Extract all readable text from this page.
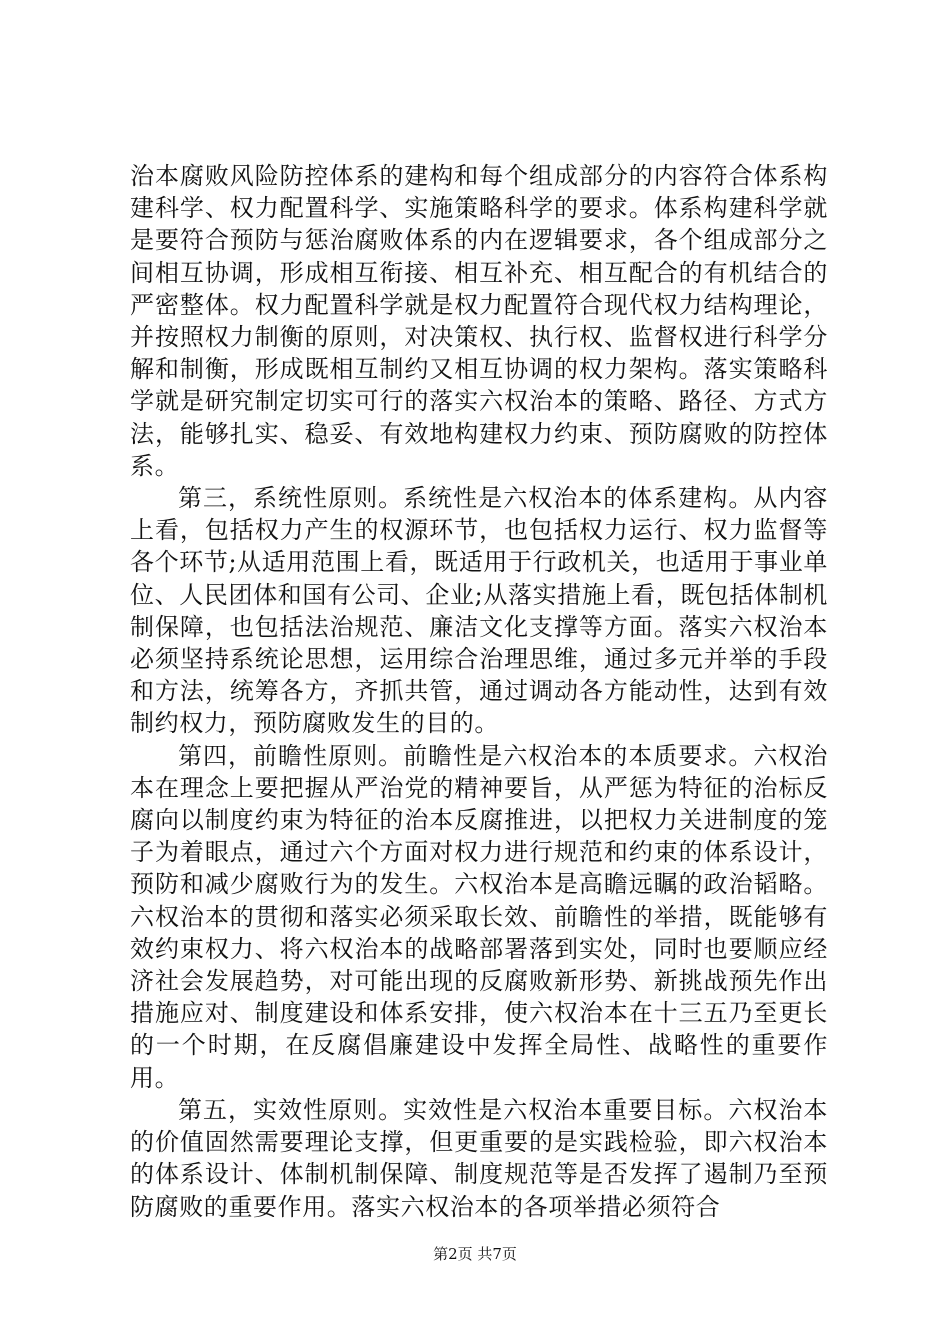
治本腐败风险防控体系的建构和每个组成部分的内容符合体系构建科学、权力配置科学、实施策略科学的要求。体系构建科学就是要符合预防与惩治腐败体系的内在逻辑要求，各个组成部分之间相互协调，形成相互衔接、相互补充、相互配合的有机结合的严密整体。权力配置科学就是权力配置符合现代权力结构理论，并按照权力制衡的原则，对决策权、执行权、监督权进行科学分解和制衡，形成既相互制约又相互协调的权力架构。落实策略科学就是研究制定切实可行的落实六权治本的策略、路径、方式方法，能够扎实、稳妥、有效地构建权力约束、预防腐败的防控体系。

第三，系统性原则。系统性是六权治本的体系建构。从内容上看，包括权力产生的权源环节，也包括权力运行、权力监督等各个环节;从适用范围上看，既适用于行政机关，也适用于事业单位、人民团体和国有公司、企业;从落实措施上看，既包括体制机制保障，也包括法治规范、廉洁文化支撑等方面。落实六权治本必须坚持系统论思想，运用综合治理思维，通过多元并举的手段和方法，统筹各方，齐抓共管，通过调动各方能动性，达到有效制约权力，预防腐败发生的目的。

第四，前瞻性原则。前瞻性是六权治本的本质要求。六权治本在理念上要把握从严治党的精神要旨，从严惩为特征的治标反腐向以制度约束为特征的治本反腐推进，以把权力关进制度的笼子为着眼点，通过六个方面对权力进行规范和约束的体系设计，预防和减少腐败行为的发生。六权治本是高瞻远瞩的政治韬略。六权治本的贯彻和落实必须采取长效、前瞻性的举措，既能够有效约束权力、将六权治本的战略部署落到实处，同时也要顺应经济社会发展趋势，对可能出现的反腐败新形势、新挑战预先作出措施应对、制度建设和体系安排，使六权治本在十三五乃至更长的一个时期，在反腐倡廉建设中发挥全局性、战略性的重要作用。

第五，实效性原则。实效性是六权治本重要目标。六权治本的价值固然需要理论支撑，但更重要的是实践检验，即六权治本的体系设计、体制机制保障、制度规范等是否发挥了遏制乃至预防腐败的重要作用。落实六权治本的各项举措必须符合

第2页 共7页
